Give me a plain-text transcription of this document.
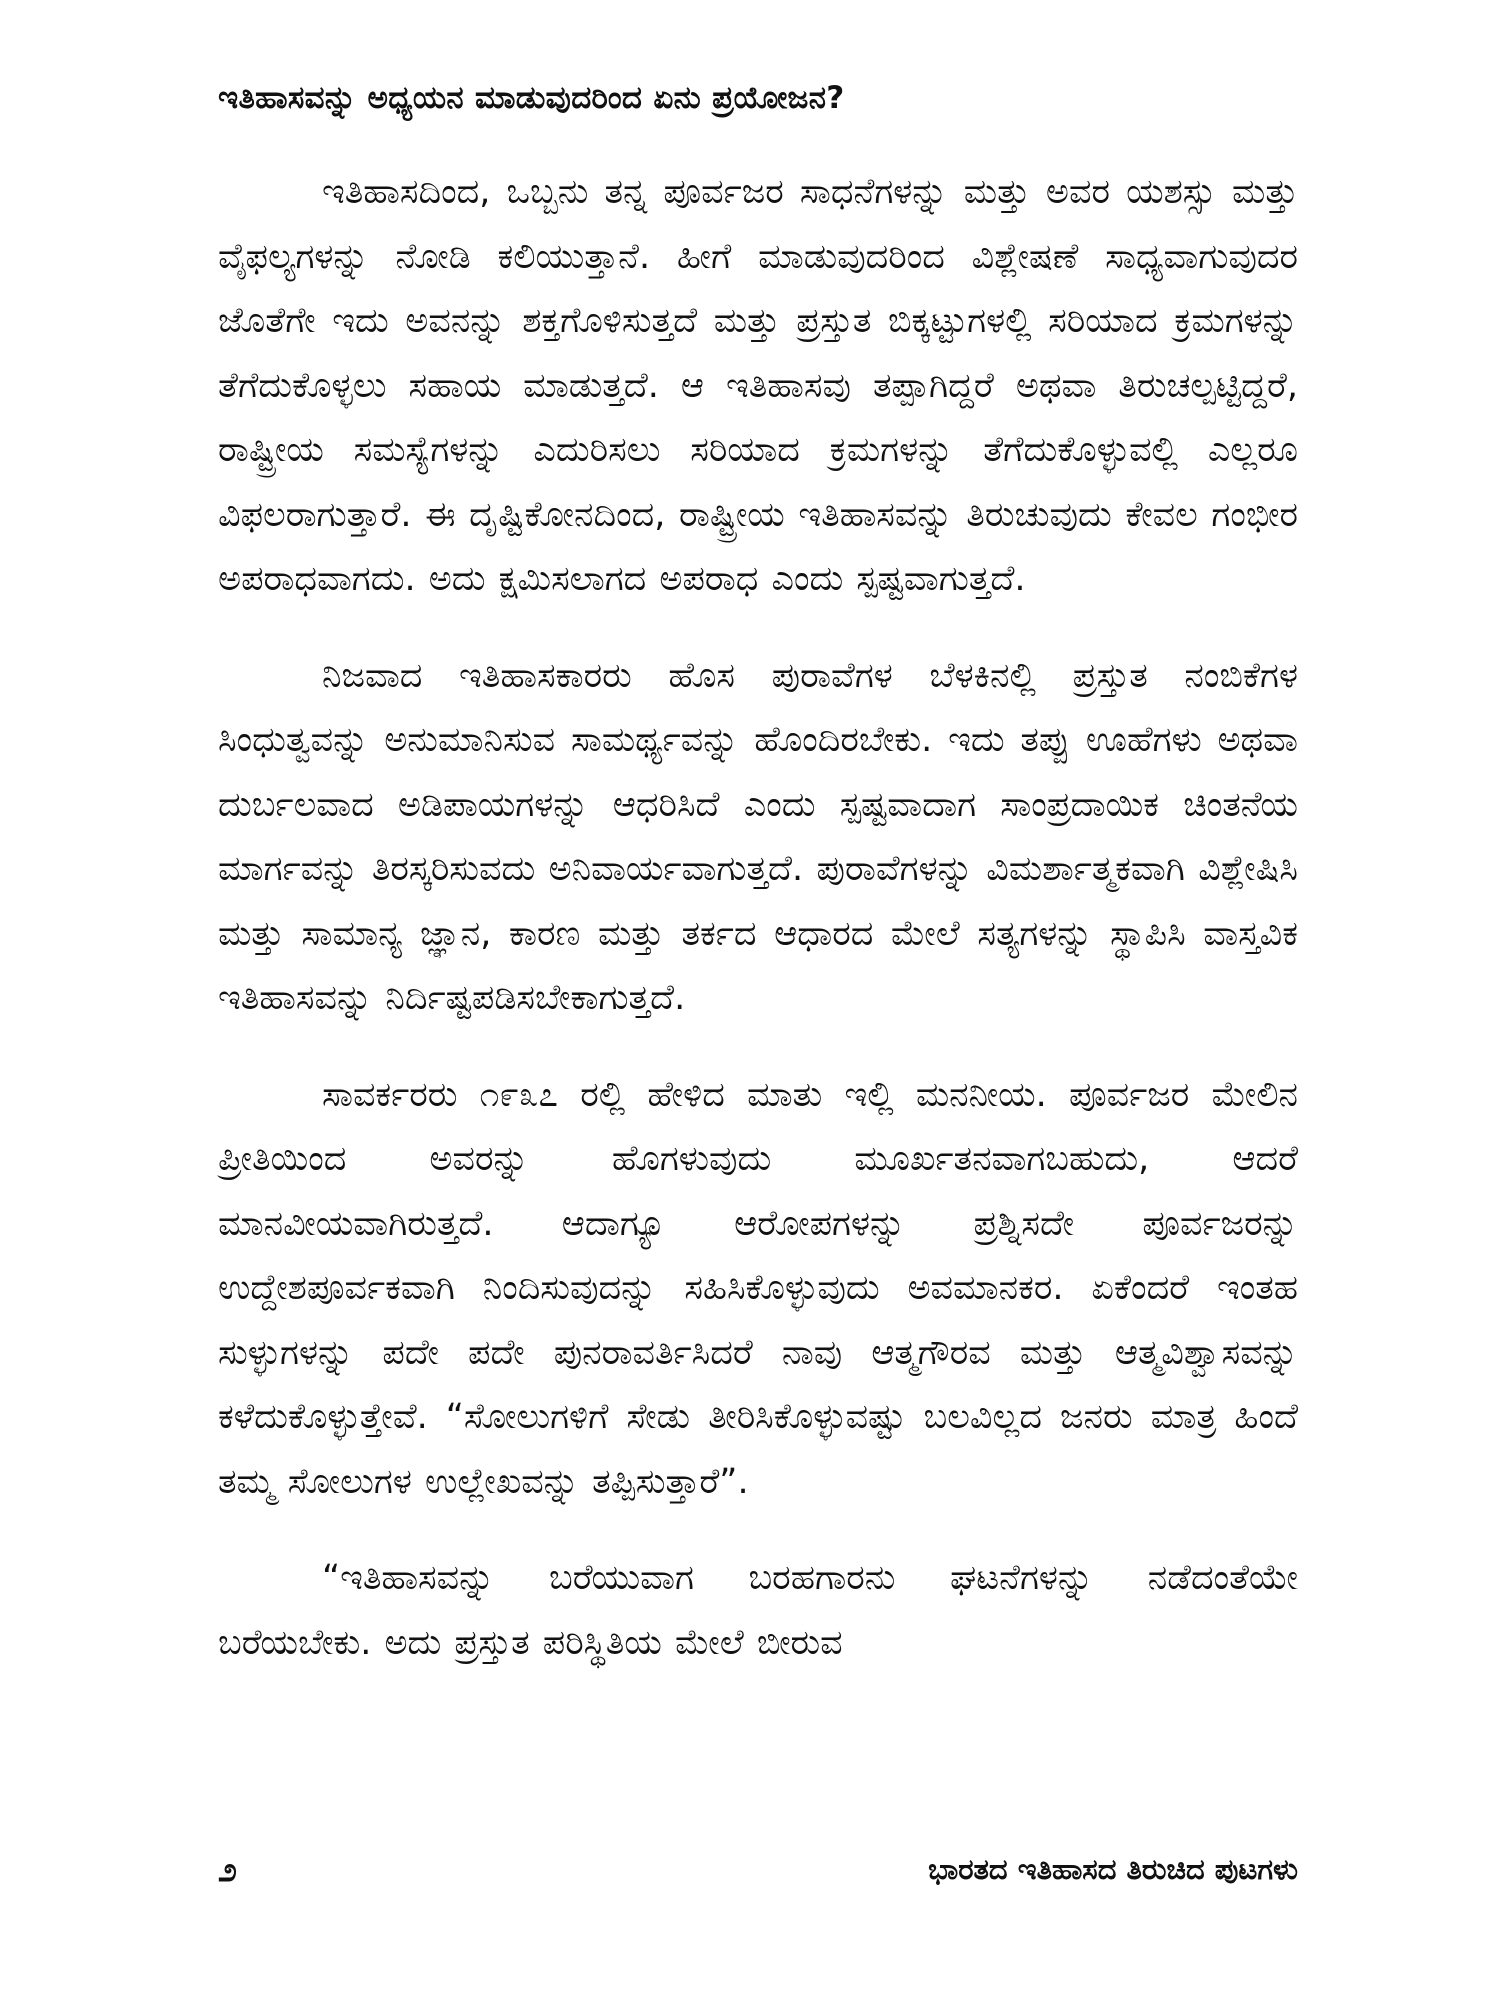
ಇತಿಹಾಸವನ್ನು ಅಧ್ಯಯನ ಮಾಡುವುದರಿಂದ ಏನು ಪ್ರಯೋಜನ?

ಇತಿಹಾಸದಿಂದ, ಒಬ್ಬನು ತನ್ನ ಪೂರ್ವಜರ ಸಾಧನೆಗಳನ್ನು ಮತ್ತು ಅವರ ಯಶಸ್ಸು ಮತ್ತು ವೈಫಲ್ಯಗಳನ್ನು ನೋಡಿ ಕಲಿಯುತ್ತಾನೆ. ಹೀಗೆ ಮಾಡುವುದರಿಂದ ವಿಶ್ಲೇಷಣೆ ಸಾಧ್ಯವಾಗುವುದರ ಜೊತೆಗೇ ಇದು ಅವನನ್ನು ಶಕ್ತಗೊಳಿಸುತ್ತದೆ ಮತ್ತು ಪ್ರಸ್ತುತ ಬಿಕ್ಕಟ್ಟುಗಳಲ್ಲಿ ಸರಿಯಾದ ಕ್ರಮಗಳನ್ನು ತೆಗೆದುಕೊಳ್ಳಲು ಸಹಾಯ ಮಾಡುತ್ತದೆ. ಆ ಇತಿಹಾಸವು ತಪ್ಪಾಗಿದ್ದರೆ ಅಥವಾ ತಿರುಚಲ್ಪಟ್ಟಿದ್ದರೆ, ರಾಷ್ಟ್ರೀಯ ಸಮಸ್ಯೆಗಳನ್ನು ಎದುರಿಸಲು ಸರಿಯಾದ ಕ್ರಮಗಳನ್ನು ತೆಗೆದುಕೊಳ್ಳುವಲ್ಲಿ ಎಲ್ಲರೂ ವಿಫಲರಾಗುತ್ತಾರೆ. ಈ ದೃಷ್ಟಿಕೋನದಿಂದ, ರಾಷ್ಟ್ರೀಯ ಇತಿಹಾಸವನ್ನು ತಿರುಚುವುದು ಕೇವಲ ಗಂಭೀರ ಅಪರಾಧವಾಗದು. ಅದು ಕ್ಷಮಿಸಲಾಗದ ಅಪರಾಧ ಎಂದು ಸ್ಪಷ್ಟವಾಗುತ್ತದೆ.

ನಿಜವಾದ ಇತಿಹಾಸಕಾರರು ಹೊಸ ಪುರಾವೆಗಳ ಬೆಳಕಿನಲ್ಲಿ ಪ್ರಸ್ತುತ ನಂಬಿಕೆಗಳ ಸಿಂಧುತ್ವವನ್ನು ಅನುಮಾನಿಸುವ ಸಾಮರ್ಥ್ಯವನ್ನು ಹೊಂದಿರಬೇಕು. ಇದು ತಪ್ಪು ಊಹೆಗಳು ಅಥವಾ ದುರ್ಬಲವಾದ ಅಡಿಪಾಯಗಳನ್ನು ಆಧರಿಸಿದೆ ಎಂದು ಸ್ಪಷ್ಟವಾದಾಗ ಸಾಂಪ್ರದಾಯಿಕ ಚಿಂತನೆಯ ಮಾರ್ಗವನ್ನು ತಿರಸ್ಕರಿಸುವದು ಅನಿವಾರ್ಯವಾಗುತ್ತದೆ. ಪುರಾವೆಗಳನ್ನು ವಿಮರ್ಶಾತ್ಮಕವಾಗಿ ವಿಶ್ಲೇಷಿಸಿ ಮತ್ತು ಸಾಮಾನ್ಯ ಜ್ಞಾನ, ಕಾರಣ ಮತ್ತು ತರ್ಕದ ಆಧಾರದ ಮೇಲೆ ಸತ್ಯಗಳನ್ನು ಸ್ಥಾಪಿಸಿ ವಾಸ್ತವಿಕ ಇತಿಹಾಸವನ್ನು ನಿರ್ದಿಷ್ಟಪಡಿಸಬೇಕಾಗುತ್ತದೆ.

ಸಾವರ್ಕರರು ೧೯೩೭ ರಲ್ಲಿ ಹೇಳಿದ ಮಾತು ಇಲ್ಲಿ ಮನನೀಯ. ಪೂರ್ವಜರ ಮೇಲಿನ ಪ್ರೀತಿಯಿಂದ ಅವರನ್ನು ಹೊಗಳುವುದು ಮೂರ್ಖತನವಾಗಬಹುದು, ಆದರೆ ಮಾನವೀಯವಾಗಿರುತ್ತದೆ. ಆದಾಗ್ಯೂ ಆರೋಪಗಳನ್ನು ಪ್ರಶ್ನಿಸದೇ ಪೂರ್ವಜರನ್ನು ಉದ್ದೇಶಪೂರ್ವಕವಾಗಿ ನಿಂದಿಸುವುದನ್ನು ಸಹಿಸಿಕೊಳ್ಳುವುದು ಅವಮಾನಕರ. ಏಕೆಂದರೆ ಇಂತಹ ಸುಳ್ಳುಗಳನ್ನು ಪದೇ ಪದೇ ಪುನರಾವರ್ತಿಸಿದರೆ ನಾವು ಆತ್ಮಗೌರವ ಮತ್ತು ಆತ್ಮವಿಶ್ವಾಸವನ್ನು ಕಳೆದುಕೊಳ್ಳುತ್ತೇವೆ. “ಸೋಲುಗಳಿಗೆ ಸೇಡು ತೀರಿಸಿಕೊಳ್ಳುವಷ್ಟು ಬಲವಿಲ್ಲದ ಜನರು ಮಾತ್ರ ಹಿಂದೆ ತಮ್ಮ ಸೋಲುಗಳ ಉಲ್ಲೇಖವನ್ನು ತಪ್ಪಿಸುತ್ತಾರೆ”.

“ಇತಿಹಾಸವನ್ನು ಬರೆಯುವಾಗ ಬರಹಗಾರನು ಘಟನೆಗಳನ್ನು ನಡೆದಂತೆಯೇ ಬರೆಯಬೇಕು. ಅದು ಪ್ರಸ್ತುತ ಪರಿಸ್ಥಿತಿಯ ಮೇಲೆ ಬೀರುವ

೨	ಭಾರತದ ಇತಿಹಾಸದ ತಿರುಚಿದ ಪುಟಗಳು
